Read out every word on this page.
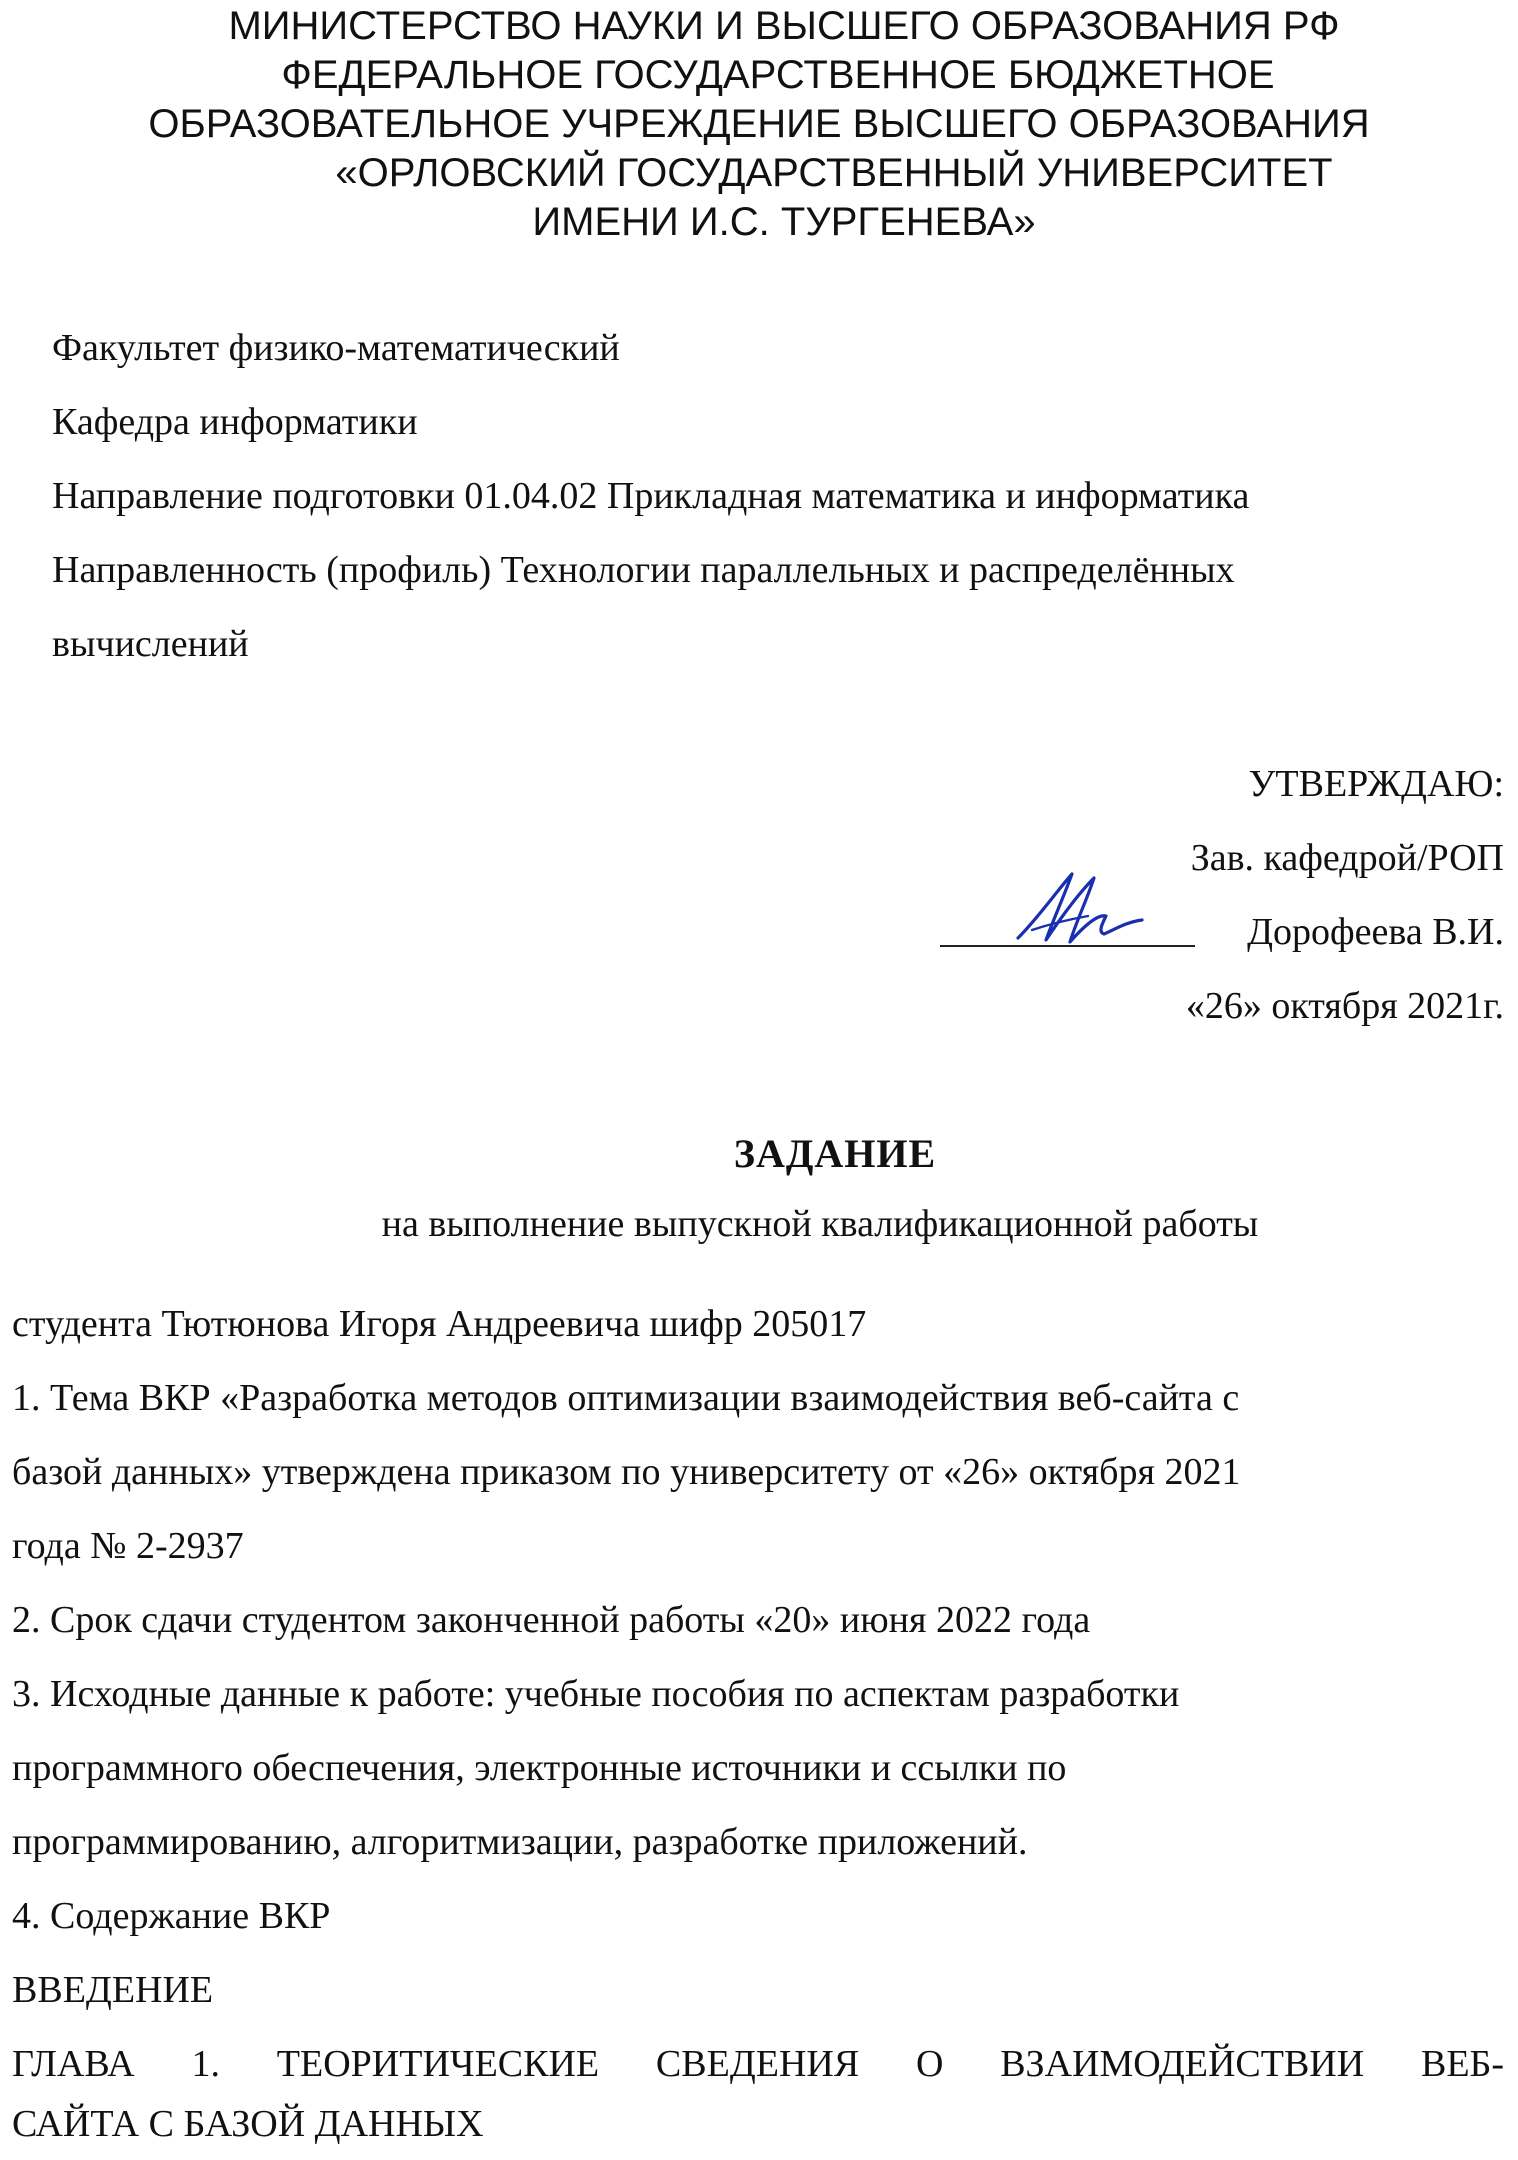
МИНИСТЕРСТВО НАУКИ И ВЫСШЕГО ОБРАЗОВАНИЯ РФ
ФЕДЕРАЛЬНОЕ ГОСУДАРСТВЕННОЕ БЮДЖЕТНОЕ
ОБРАЗОВАТЕЛЬНОЕ УЧРЕЖДЕНИЕ ВЫСШЕГО ОБРАЗОВАНИЯ
«ОРЛОВСКИЙ ГОСУДАРСТВЕННЫЙ УНИВЕРСИТЕТ
ИМЕНИ И.С. ТУРГЕНЕВА»
Факультет физико-математический
Кафедра информатики
Направление подготовки 01.04.02 Прикладная математика и информатика
Направленность (профиль) Технологии параллельных и распределённых
вычислений
УТВЕРЖДАЮ:
Зав. кафедрой/РОП
Дорофеева В.И.
«26» октября 2021г.
ЗАДАНИЕ
на выполнение выпускной квалификационной работы
студента Тютюнова Игоря Андреевича шифр 205017
1. Тема ВКР «Разработка методов оптимизации взаимодействия веб-сайта с
базой данных» утверждена приказом по университету от «26» октября 2021
года № 2-2937
2. Срок сдачи студентом законченной работы «20» июня 2022 года
3. Исходные данные к работе: учебные пособия по аспектам разработки
программного обеспечения, электронные источники и ссылки по
программированию, алгоритмизации, разработке приложений.
4. Содержание ВКР
ВВЕДЕНИЕ
ГЛАВА 1. ТЕОРИТИЧЕСКИЕ СВЕДЕНИЯ О ВЗАИМОДЕЙСТВИИ ВЕБ-
САЙТА С БАЗОЙ ДАННЫХ
